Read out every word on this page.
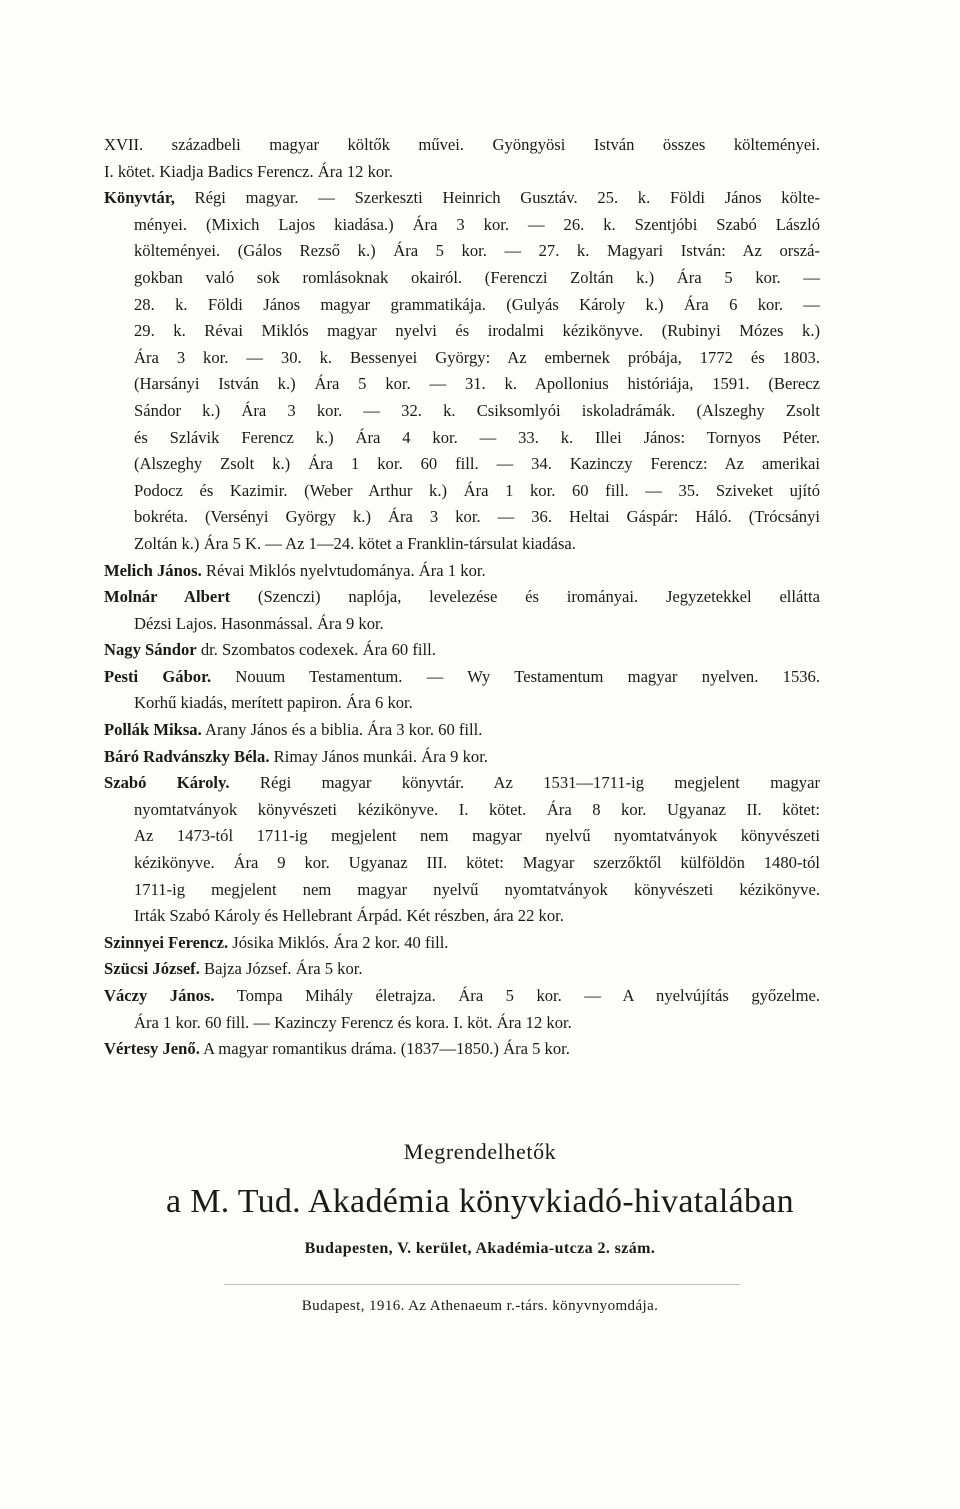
XVII. századbeli magyar költők művei. Gyöngyösi István összes költeményei.
I. kötet. Kiadja Badics Ferencz. Ára 12 kor.
Könyvtár, Régi magyar. — Szerkeszti Heinrich Gusztáv. 25. k. Földi János költe-
ményei. (Mixich Lajos kiadása.) Ára 3 kor. — 26. k. Szentjóbi Szabó László
költeményei. (Gálos Rezső k.) Ára 5 kor. — 27. k. Magyari István: Az orszá-
gokban való sok romlásoknak okairól. (Ferenczi Zoltán k.) Ára 5 kor. —
28. k. Földi János magyar grammatikája. (Gulyás Károly k.) Ára 6 kor. —
29. k. Révai Miklós magyar nyelvi és irodalmi kézikönyve. (Rubinyi Mózes k.)
Ára 3 kor. — 30. k. Bessenyei György: Az embernek próbája, 1772 és 1803.
(Harsányi István k.) Ára 5 kor. — 31. k. Apollonius históriája, 1591. (Berecz
Sándor k.) Ára 3 kor. — 32. k. Csiksomlyói iskoladrámák. (Alszeghy Zsolt
és Szlávik Ferencz k.) Ára 4 kor. — 33. k. Illei János: Tornyos Péter.
(Alszeghy Zsolt k.) Ára 1 kor. 60 fill. — 34. Kazinczy Ferencz: Az amerikai
Podocz és Kazimir. (Weber Arthur k.) Ára 1 kor. 60 fill. — 35. Sziveket ujító
bokréta. (Versényi György k.) Ára 3 kor. — 36. Heltai Gáspár: Háló. (Trócsányi
Zoltán k.) Ára 5 K. — Az 1—24. kötet a Franklin-társulat kiadása.
Melich János. Révai Miklós nyelvtudománya. Ára 1 kor.
Molnár Albert (Szenczi) naplója, levelezése és irományai. Jegyzetekkel ellátta
Dézsi Lajos. Hasonmással. Ára 9 kor.
Nagy Sándor dr. Szombatos codexek. Ára 60 fill.
Pesti Gábor. Nouum Testamentum. — Wy Testamentum magyar nyelven. 1536.
Korhű kiadás, merített papiron. Ára 6 kor.
Pollák Miksa. Arany János és a biblia. Ára 3 kor. 60 fill.
Báró Radvánszky Béla. Rimay János munkái. Ára 9 kor.
Szabó Károly. Régi magyar könyvtár. Az 1531—1711-ig megjelent magyar
nyomtatványok könyvészeti kézikönyve. I. kötet. Ára 8 kor. Ugyanaz II. kötet:
Az 1473-tól 1711-ig megjelent nem magyar nyelvű nyomtatványok könyvészeti
kézikönyve. Ára 9 kor. Ugyanaz III. kötet: Magyar szerzőktől külföldön 1480-tól
1711-ig megjelent nem magyar nyelvű nyomtatványok könyvészeti kézikönyve.
Irták Szabó Károly és Hellebrant Árpád. Két részben, ára 22 kor.
Szinnyei Ferencz. Jósika Miklós. Ára 2 kor. 40 fill.
Szücsi József. Bajza József. Ára 5 kor.
Váczy János. Tompa Mihály életrajza. Ára 5 kor. — A nyelvújítás győzelme.
Ára 1 kor. 60 fill. — Kazinczy Ferencz és kora. I. köt. Ára 12 kor.
Vértesy Jenő. A magyar romantikus dráma. (1837—1850.) Ára 5 kor.
Megrendelhetők
a M. Tud. Akadémia könyvkiadó-hivatalában
Budapesten, V. kerület, Akadémia-utcza 2. szám.
Budapest, 1916. Az Athenaeum r.-társ. könyvnyomdája.
